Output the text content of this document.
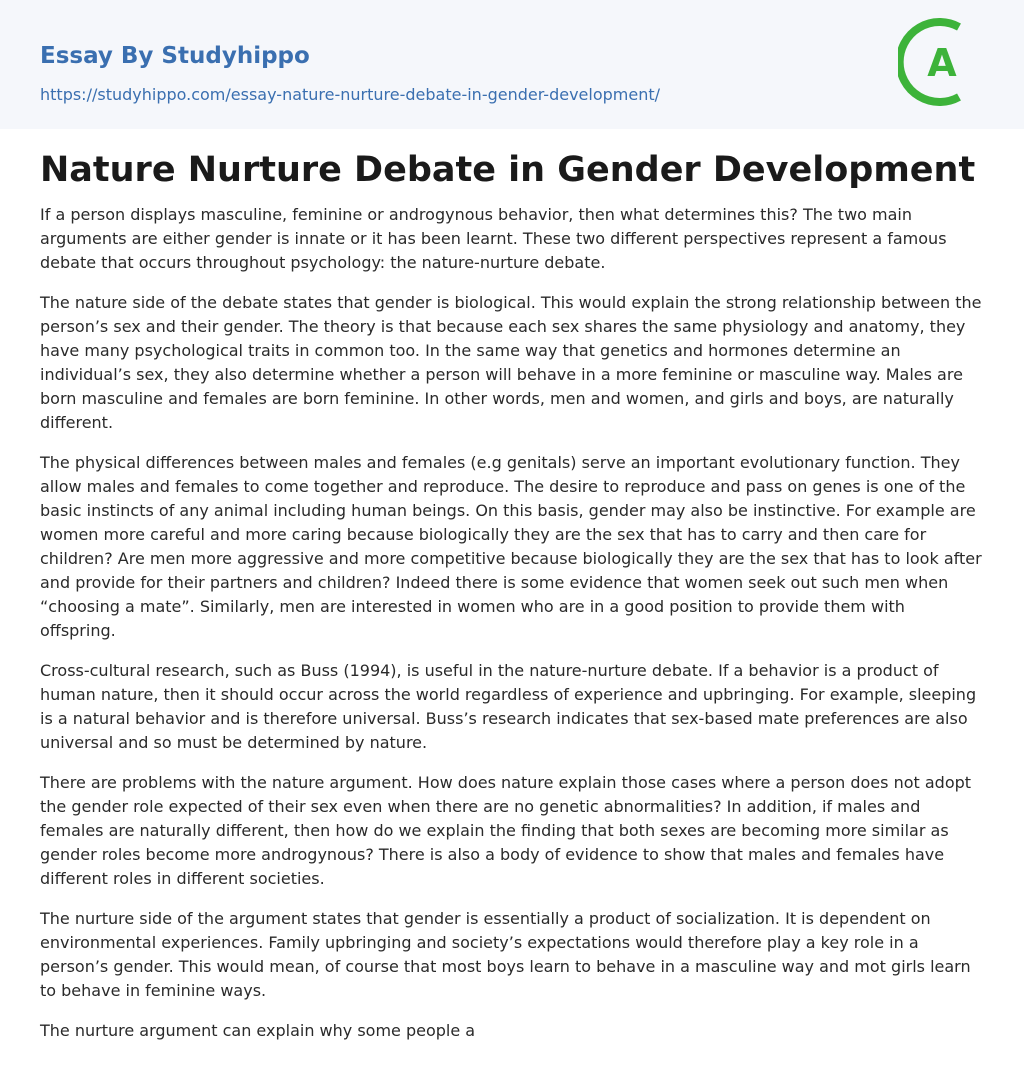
Essay By Studyhippo
https://studyhippo.com/essay-nature-nurture-debate-in-gender-development/
A
Nature Nurture Debate in Gender Development

If a person displays masculine, feminine or androgynous behavior, then what determines this? The two main arguments are either gender is innate or it has been learnt. These two different perspectives represent a famous debate that occurs throughout psychology: the nature-nurture debate.

The nature side of the debate states that gender is biological. This would explain the strong relationship between the person’s sex and their gender. The theory is that because each sex shares the same physiology and anatomy, they have many psychological traits in common too. In the same way that genetics and hormones determine an individual’s sex, they also determine whether a person will behave in a more feminine or masculine way. Males are born masculine and females are born feminine. In other words, men and women, and girls and boys, are naturally different.

The physical differences between males and females (e.g genitals) serve an important evolutionary function. They allow males and females to come together and reproduce. The desire to reproduce and pass on genes is one of the basic instincts of any animal including human beings. On this basis, gender may also be instinctive. For example are women more careful and more caring because biologically they are the sex that has to carry and then care for children? Are men more aggressive and more competitive because biologically they are the sex that has to look after and provide for their partners and children? Indeed there is some evidence that women seek out such men when “choosing a mate”. Similarly, men are interested in women who are in a good position to provide them with offspring.

Cross-cultural research, such as Buss (1994), is useful in the nature-nurture debate. If a behavior is a product of human nature, then it should occur across the world regardless of experience and upbringing. For example, sleeping is a natural behavior and is therefore universal. Buss’s research indicates that sex-based mate preferences are also universal and so must be determined by nature.

There are problems with the nature argument. How does nature explain those cases where a person does not adopt the gender role expected of their sex even when there are no genetic abnormalities? In addition, if males and females are naturally different, then how do we explain the finding that both sexes are becoming more similar as gender roles become more androgynous? There is also a body of evidence to show that males and females have different roles in different societies.

The nurture side of the argument states that gender is essentially a product of socialization. It is dependent on environmental experiences. Family upbringing and society’s expectations would therefore play a key role in a person’s gender. This would mean, of course that most boys learn to behave in a masculine way and mot girls learn to behave in feminine ways.

The nurture argument can explain why some people a
